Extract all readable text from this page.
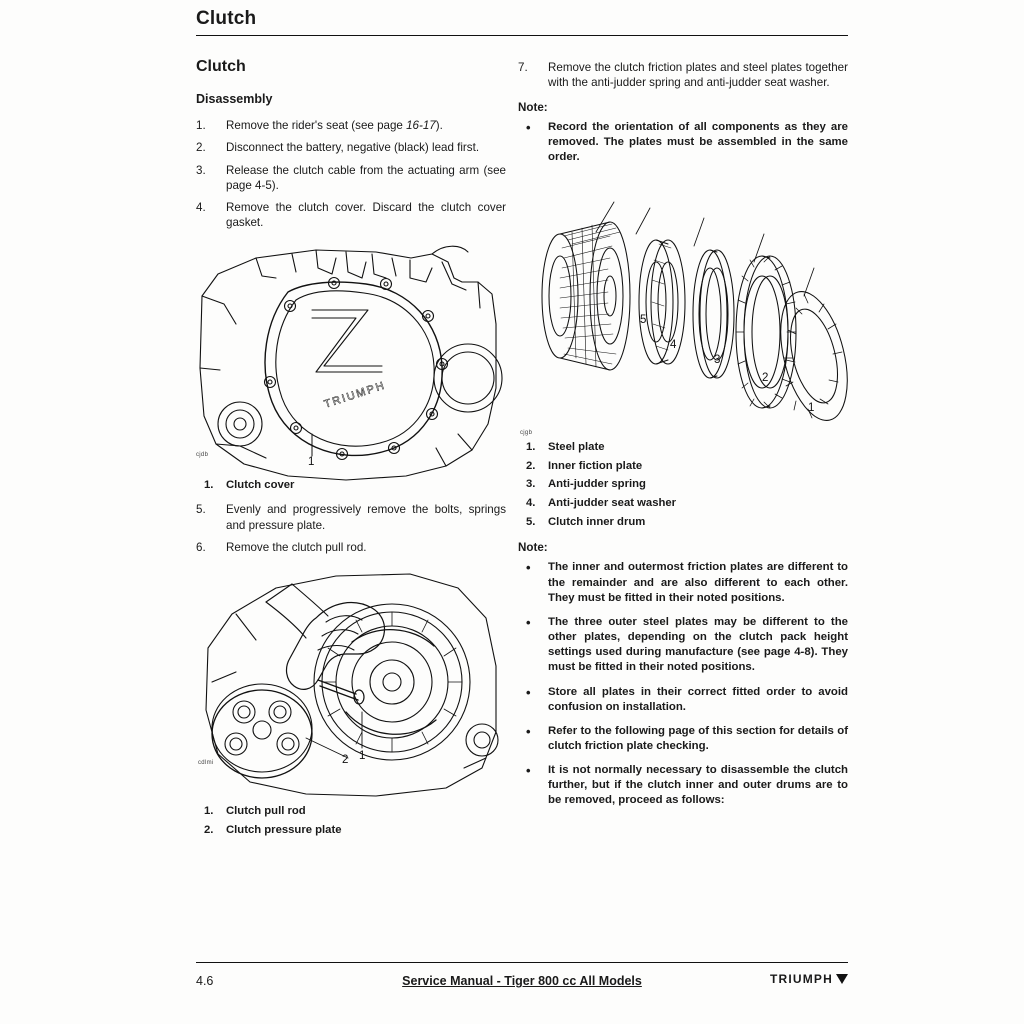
Clutch
Clutch
Disassembly
1.	Remove the rider's seat (see page 16-17).
2.	Disconnect the battery, negative (black) lead first.
3.	Release the clutch cable from the actuating arm (see page 4-5).
4.	Remove the clutch cover. Discard the clutch cover gasket.
TRIUMPH
cjdb
1
1. Clutch cover
5.	Evenly and progressively remove the bolts, springs and pressure plate.
6.	Remove the clutch pull rod.
cdlmi
1
2
1. Clutch pull rod
2. Clutch pressure plate
7.	Remove the clutch friction plates and steel plates together with the anti-judder spring and anti-judder seat washer.
Note:
• Record the orientation of all components as they are removed. The plates must be assembled in the same order.
cjgb
5
4
3
2
1
1. Steel plate
2. Inner fiction plate
3. Anti-judder spring
4. Anti-judder seat washer
5. Clutch inner drum
Note:
• The inner and outermost friction plates are different to the remainder and are also different to each other. They must be fitted in their noted positions.
• The three outer steel plates may be different to the other plates, depending on the clutch pack height settings used during manufacture (see page 4-8). They must be fitted in their noted positions.
• Store all plates in their correct fitted order to avoid confusion on installation.
• Refer to the following page of this section for details of clutch friction plate checking.
• It is not normally necessary to disassemble the clutch further, but if the clutch inner and outer drums are to be removed, proceed as follows:
4.6	Service Manual - Tiger 800 cc All Models	TRIUMPH
